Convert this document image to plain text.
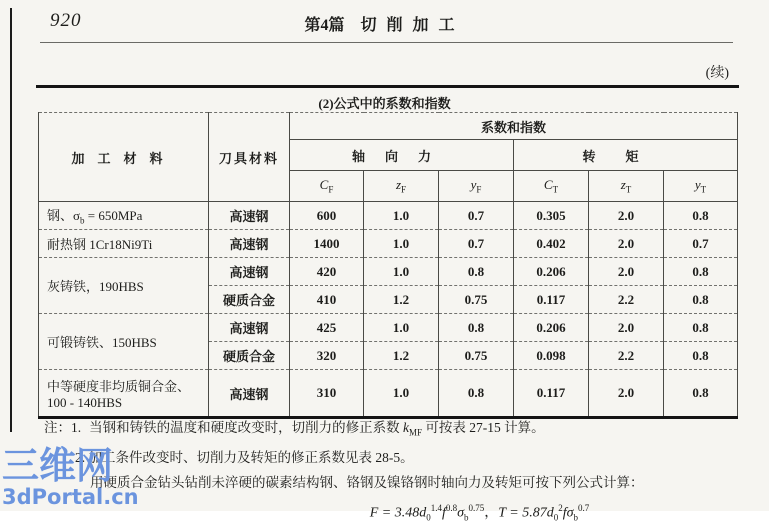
920	第4篇 切削加工
(续)
(2)公式中的系数和指数
加工材料	刀具材料	系数和指数					
		轴向力			转矩		
		$C_F$	$z_F$	$y_F$	$C_T$	$z_T$	$y_T$
钢、$\sigma_b = 650MPa$	高速钢	600	1.0	0.7	0.305	2.0	0.8
耐热钢 1Cr18Ni9Ti	高速钢	1400	1.0	0.7	0.402	2.0	0.7
灰铸铁，190HBS	高速钢	420	1.0	0.8	0.206	2.0	0.8
	硬质合金	410	1.2	0.75	0.117	2.2	0.8
可锻铸铁、150HBS	高速钢	425	1.0	0.8	0.206	2.0	0.8
	硬质合金	320	1.2	0.75	0.098	2.2	0.8

中等硬度非均质铜合金、
100 - 140HBS	高速钢	310	1.0	0.8	0.117	2.0	0.8
注：1. 当钢和铸铁的温度和硬度改变时，切削力的修正系数 $k_{MF}$ 可按表 27-15 计算。
2. 加工条件改变时、切削力及转矩的修正系数见表 28-5。
用硬质合金钻头钻削未淬硬的碳素结构钢、铬钢及镍铬钢时轴向力及转矩可按下列公式计算：
$F = 3.48d_0^{1.4}f^{0.8}\sigma_b^{0.75}$，$T = 5.87d_0^2f\sigma_b^{0.7}$
三维网
3dPortal.cn
